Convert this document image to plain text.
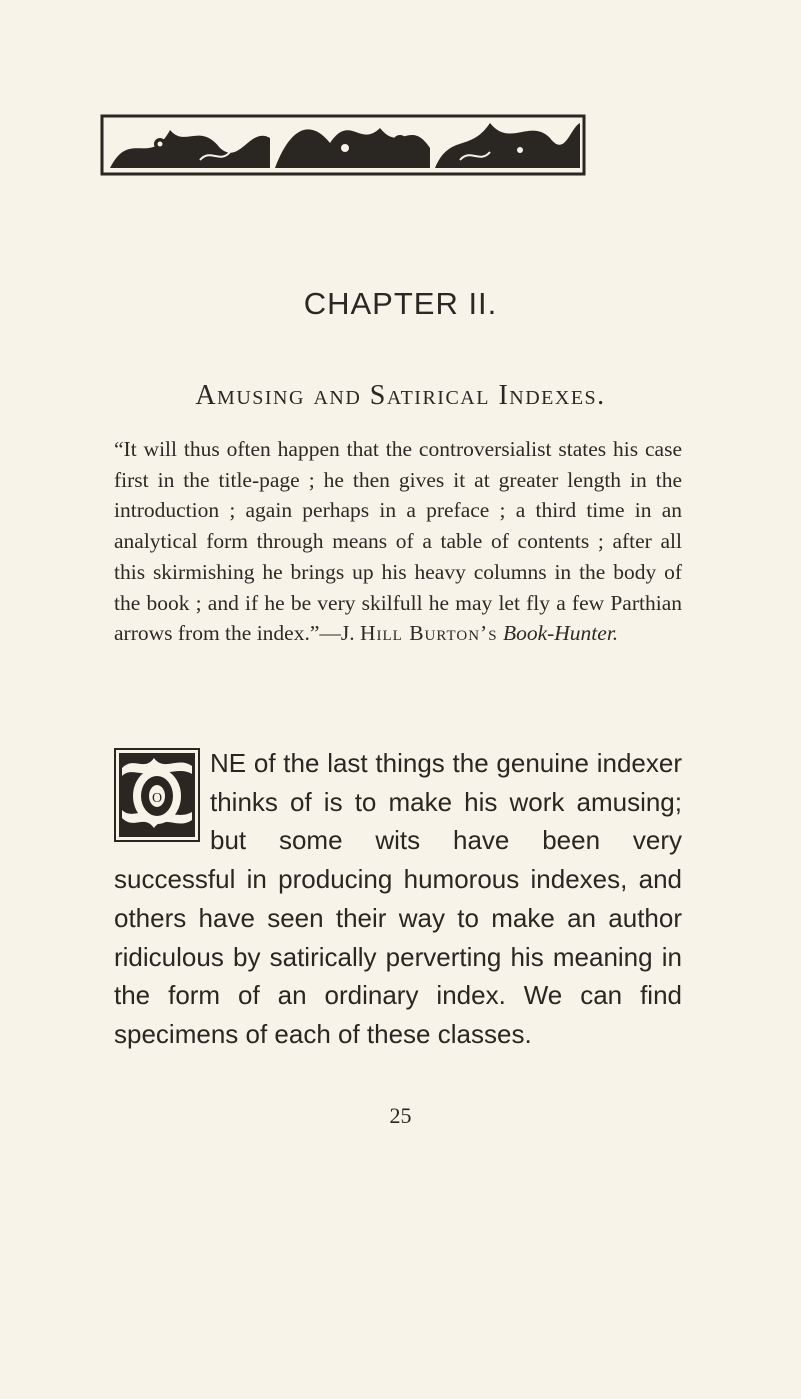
CHAPTER II.
Amusing and Satirical Indexes.
“It will thus often happen that the controversialist states his case first in the title-page ; he then gives it at greater length in the introduction ; again perhaps in a preface ; a third time in an analytical form through means of a table of contents ; after all this skirmishing he brings up his heavy columns in the body of the book ; and if he be very skilfull he may let fly a few Parthian arrows from the index.”—J. Hill Burton’s Book-Hunter.
O
NE of the last things the genuine indexer thinks of is to make his work amusing; but some wits have been very successful in producing humorous indexes, and others have seen their way to make an author ridiculous by satirically perverting his meaning in the form of an ordinary index. We can find specimens of each of these classes.
25
